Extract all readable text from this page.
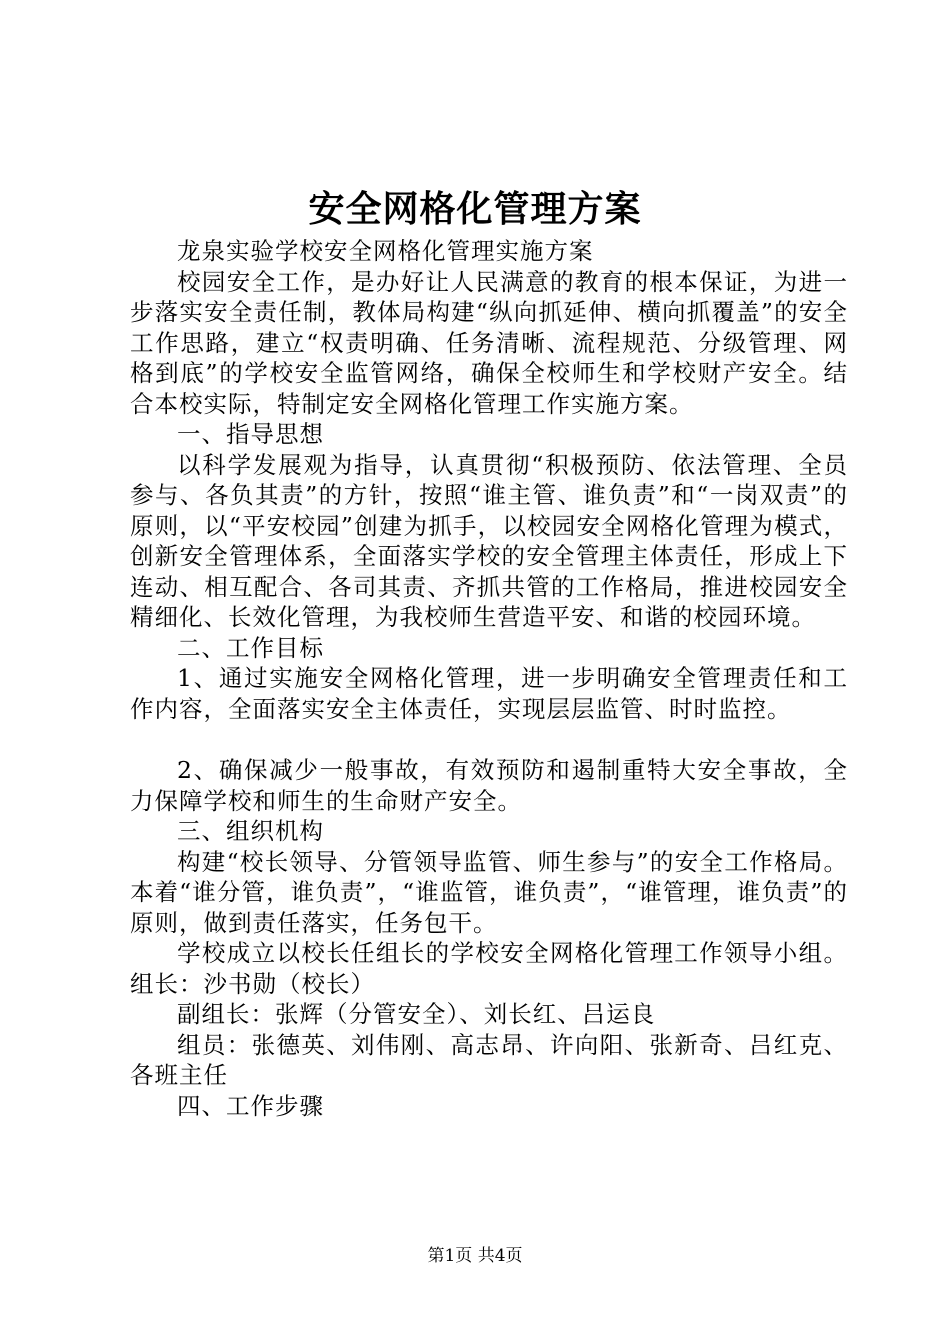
安全网格化管理方案

龙泉实验学校安全网格化管理实施方案

校园安全工作，是办好让人民满意的教育的根本保证，为进一步落实安全责任制，教体局构建“纵向抓延伸、横向抓覆盖”的安全工作思路，建立“权责明确、任务清晰、流程规范、分级管理、网格到底”的学校安全监管网络，确保全校师生和学校财产安全。结合本校实际，特制定安全网格化管理工作实施方案。

一、指导思想

以科学发展观为指导，认真贯彻“积极预防、依法管理、全员参与、各负其责”的方针，按照“谁主管、谁负责”和“一岗双责”的原则，以“平安校园”创建为抓手，以校园安全网格化管理为模式，创新安全管理体系，全面落实学校的安全管理主体责任，形成上下连动、相互配合、各司其责、齐抓共管的工作格局，推进校园安全精细化、长效化管理，为我校师生营造平安、和谐的校园环境。

二、工作目标

1、通过实施安全网格化管理，进一步明确安全管理责任和工作内容，全面落实安全主体责任，实现层层监管、时时监控。

2、确保减少一般事故，有效预防和遏制重特大安全事故，全力保障学校和师生的生命财产安全。

三、组织机构

构建“校长领导、分管领导监管、师生参与”的安全工作格局。本着“谁分管，谁负责”，“谁监管，谁负责”，“谁管理，谁负责”的原则，做到责任落实，任务包干。

学校成立以校长任组长的学校安全网格化管理工作领导小组。组长：沙书勋（校长）

副组长：张辉（分管安全）、刘长红、吕运良

组员：张德英、刘伟刚、高志昂、许向阳、张新奇、吕红克、各班主任

四、工作步骤

第1页 共4页
